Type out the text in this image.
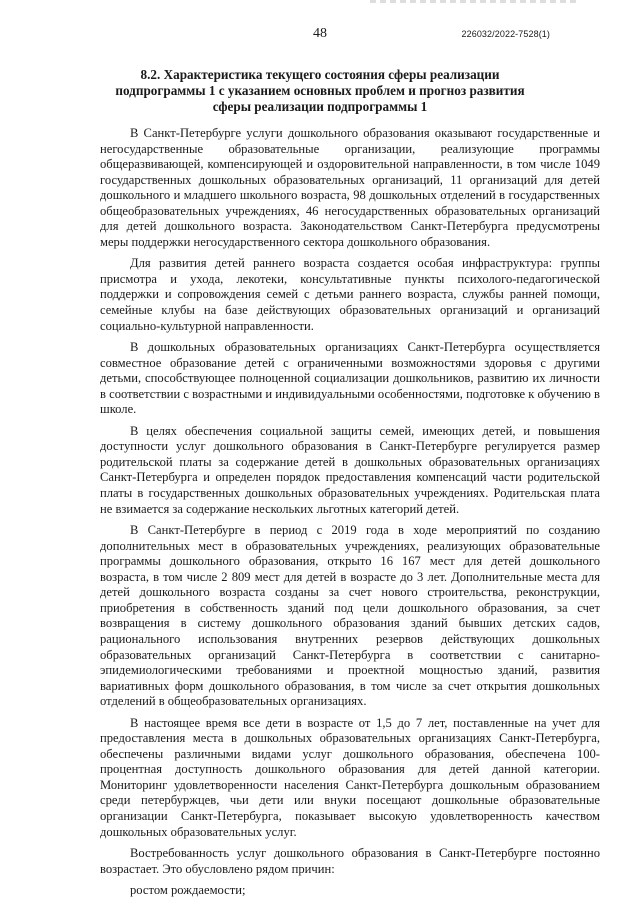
48	226032/2022-7528(1)
8.2. Характеристика текущего состояния сферы реализации подпрограммы 1 с указанием основных проблем и прогноз развития сферы реализации подпрограммы 1

В Санкт-Петербурге услуги дошкольного образования оказывают государственные и негосударственные образовательные организации, реализующие программы общеразвивающей, компенсирующей и оздоровительной направленности, в том числе 1049 государственных дошкольных образовательных организаций, 11 организаций для детей дошкольного и младшего школьного возраста, 98 дошкольных отделений в государственных общеобразовательных учреждениях, 46 негосударственных образовательных организаций для детей дошкольного возраста. Законодательством Санкт-Петербурга предусмотрены меры поддержки негосударственного сектора дошкольного образования.

Для развития детей раннего возраста создается особая инфраструктура: группы присмотра и ухода, лекотеки, консультативные пункты психолого-педагогической поддержки и сопровождения семей с детьми раннего возраста, службы ранней помощи, семейные клубы на базе действующих образовательных организаций и организаций социально-культурной направленности.

В дошкольных образовательных организациях Санкт-Петербурга осуществляется совместное образование детей с ограниченными возможностями здоровья с другими детьми, способствующее полноценной социализации дошкольников, развитию их личности в соответствии с возрастными и индивидуальными особенностями, подготовке к обучению в школе.

В целях обеспечения социальной защиты семей, имеющих детей, и повышения доступности услуг дошкольного образования в Санкт-Петербурге регулируется размер родительской платы за содержание детей в дошкольных образовательных организациях Санкт-Петербурга и определен порядок предоставления компенсаций части родительской платы в государственных дошкольных образовательных учреждениях. Родительская плата не взимается за содержание нескольких льготных категорий детей.

В Санкт-Петербурге в период с 2019 года в ходе мероприятий по созданию дополнительных мест в образовательных учреждениях, реализующих образовательные программы дошкольного образования, открыто 16 167 мест для детей дошкольного возраста, в том числе 2 809 мест для детей в возрасте до 3 лет. Дополнительные места для детей дошкольного возраста созданы за счет нового строительства, реконструкции, приобретения в собственность зданий под цели дошкольного образования, за счет возвращения в систему дошкольного образования зданий бывших детских садов, рационального использования внутренних резервов действующих дошкольных образовательных организаций Санкт-Петербурга в соответствии с санитарно-эпидемиологическими требованиями и проектной мощностью зданий, развития вариативных форм дошкольного образования, в том числе за счет открытия дошкольных отделений в общеобразовательных организациях.

В настоящее время все дети в возрасте от 1,5 до 7 лет, поставленные на учет для предоставления места в дошкольных образовательных организациях Санкт-Петербурга, обеспечены различными видами услуг дошкольного образования, обеспечена 100-процентная доступность дошкольного образования для детей данной категории. Мониторинг удовлетворенности населения Санкт-Петербурга дошкольным образованием среди петербуржцев, чьи дети или внуки посещают дошкольные образовательные организации Санкт-Петербурга, показывает высокую удовлетворенность качеством дошкольных образовательных услуг.

Востребованность услуг дошкольного образования в Санкт-Петербурге постоянно возрастает. Это обусловлено рядом причин:

ростом рождаемости;
